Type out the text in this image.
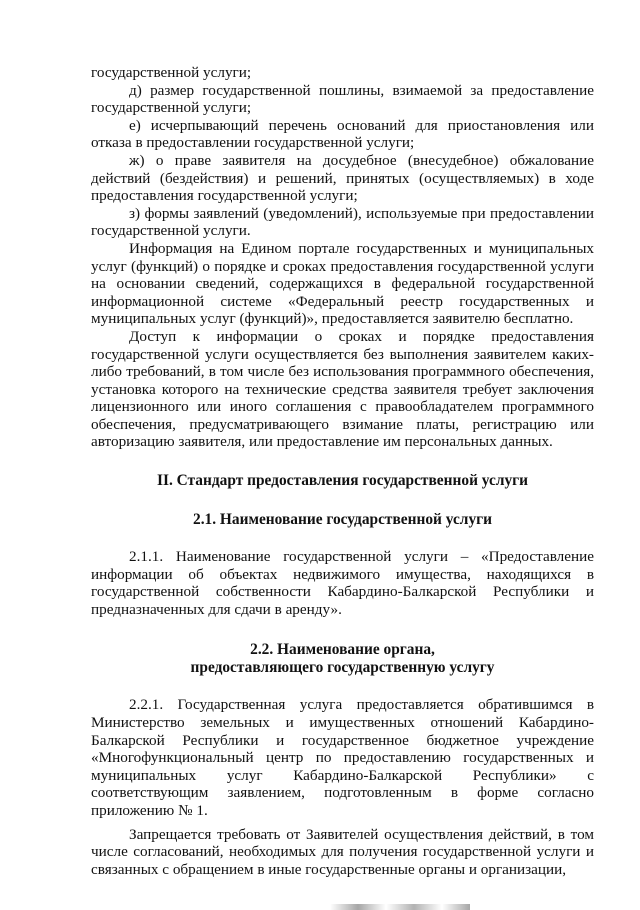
государственной услуги;

д) размер государственной пошлины, взимаемой за предоставление государственной услуги;

е) исчерпывающий перечень оснований для приостановления или отказа в предоставлении государственной услуги;

ж) о праве заявителя на досудебное (внесудебное) обжалование действий (бездействия) и решений, принятых (осуществляемых) в ходе предоставления государственной услуги;

з) формы заявлений (уведомлений), используемые при предоставлении государственной услуги.

Информация на Едином портале государственных и муниципальных услуг (функций) о порядке и сроках предоставления государственной услуги на основании сведений, содержащихся в федеральной государственной информационной системе «Федеральный реестр государственных и муниципальных услуг (функций)», предоставляется заявителю бесплатно.

Доступ к информации о сроках и порядке предоставления государственной услуги осуществляется без выполнения заявителем каких-либо требований, в том числе без использования программного обеспечения, установка которого на технические средства заявителя требует заключения лицензионного или иного соглашения с правообладателем программного обеспечения, предусматривающего взимание платы, регистрацию или авторизацию заявителя, или предоставление им персональных данных.

II. Стандарт предоставления государственной услуги

2.1. Наименование государственной услуги

2.1.1. Наименование государственной услуги – «Предоставление информации об объектах недвижимого имущества, находящихся в государственной собственности Кабардино-Балкарской Республики и предназначенных для сдачи в аренду».

2.2. Наименование органа,

предоставляющего государственную услугу

2.2.1. Государственная услуга предоставляется обратившимся в Министерство земельных и имущественных отношений Кабардино-Балкарской Республики и государственное бюджетное учреждение «Многофункциональный центр по предоставлению государственных и муниципальных услуг Кабардино-Балкарской Республики» с соответствующим заявлением, подготовленным в форме согласно приложению № 1.

Запрещается требовать от Заявителей осуществления действий, в том числе согласований, необходимых для получения государственной услуги и связанных с обращением в иные государственные органы и организации,
